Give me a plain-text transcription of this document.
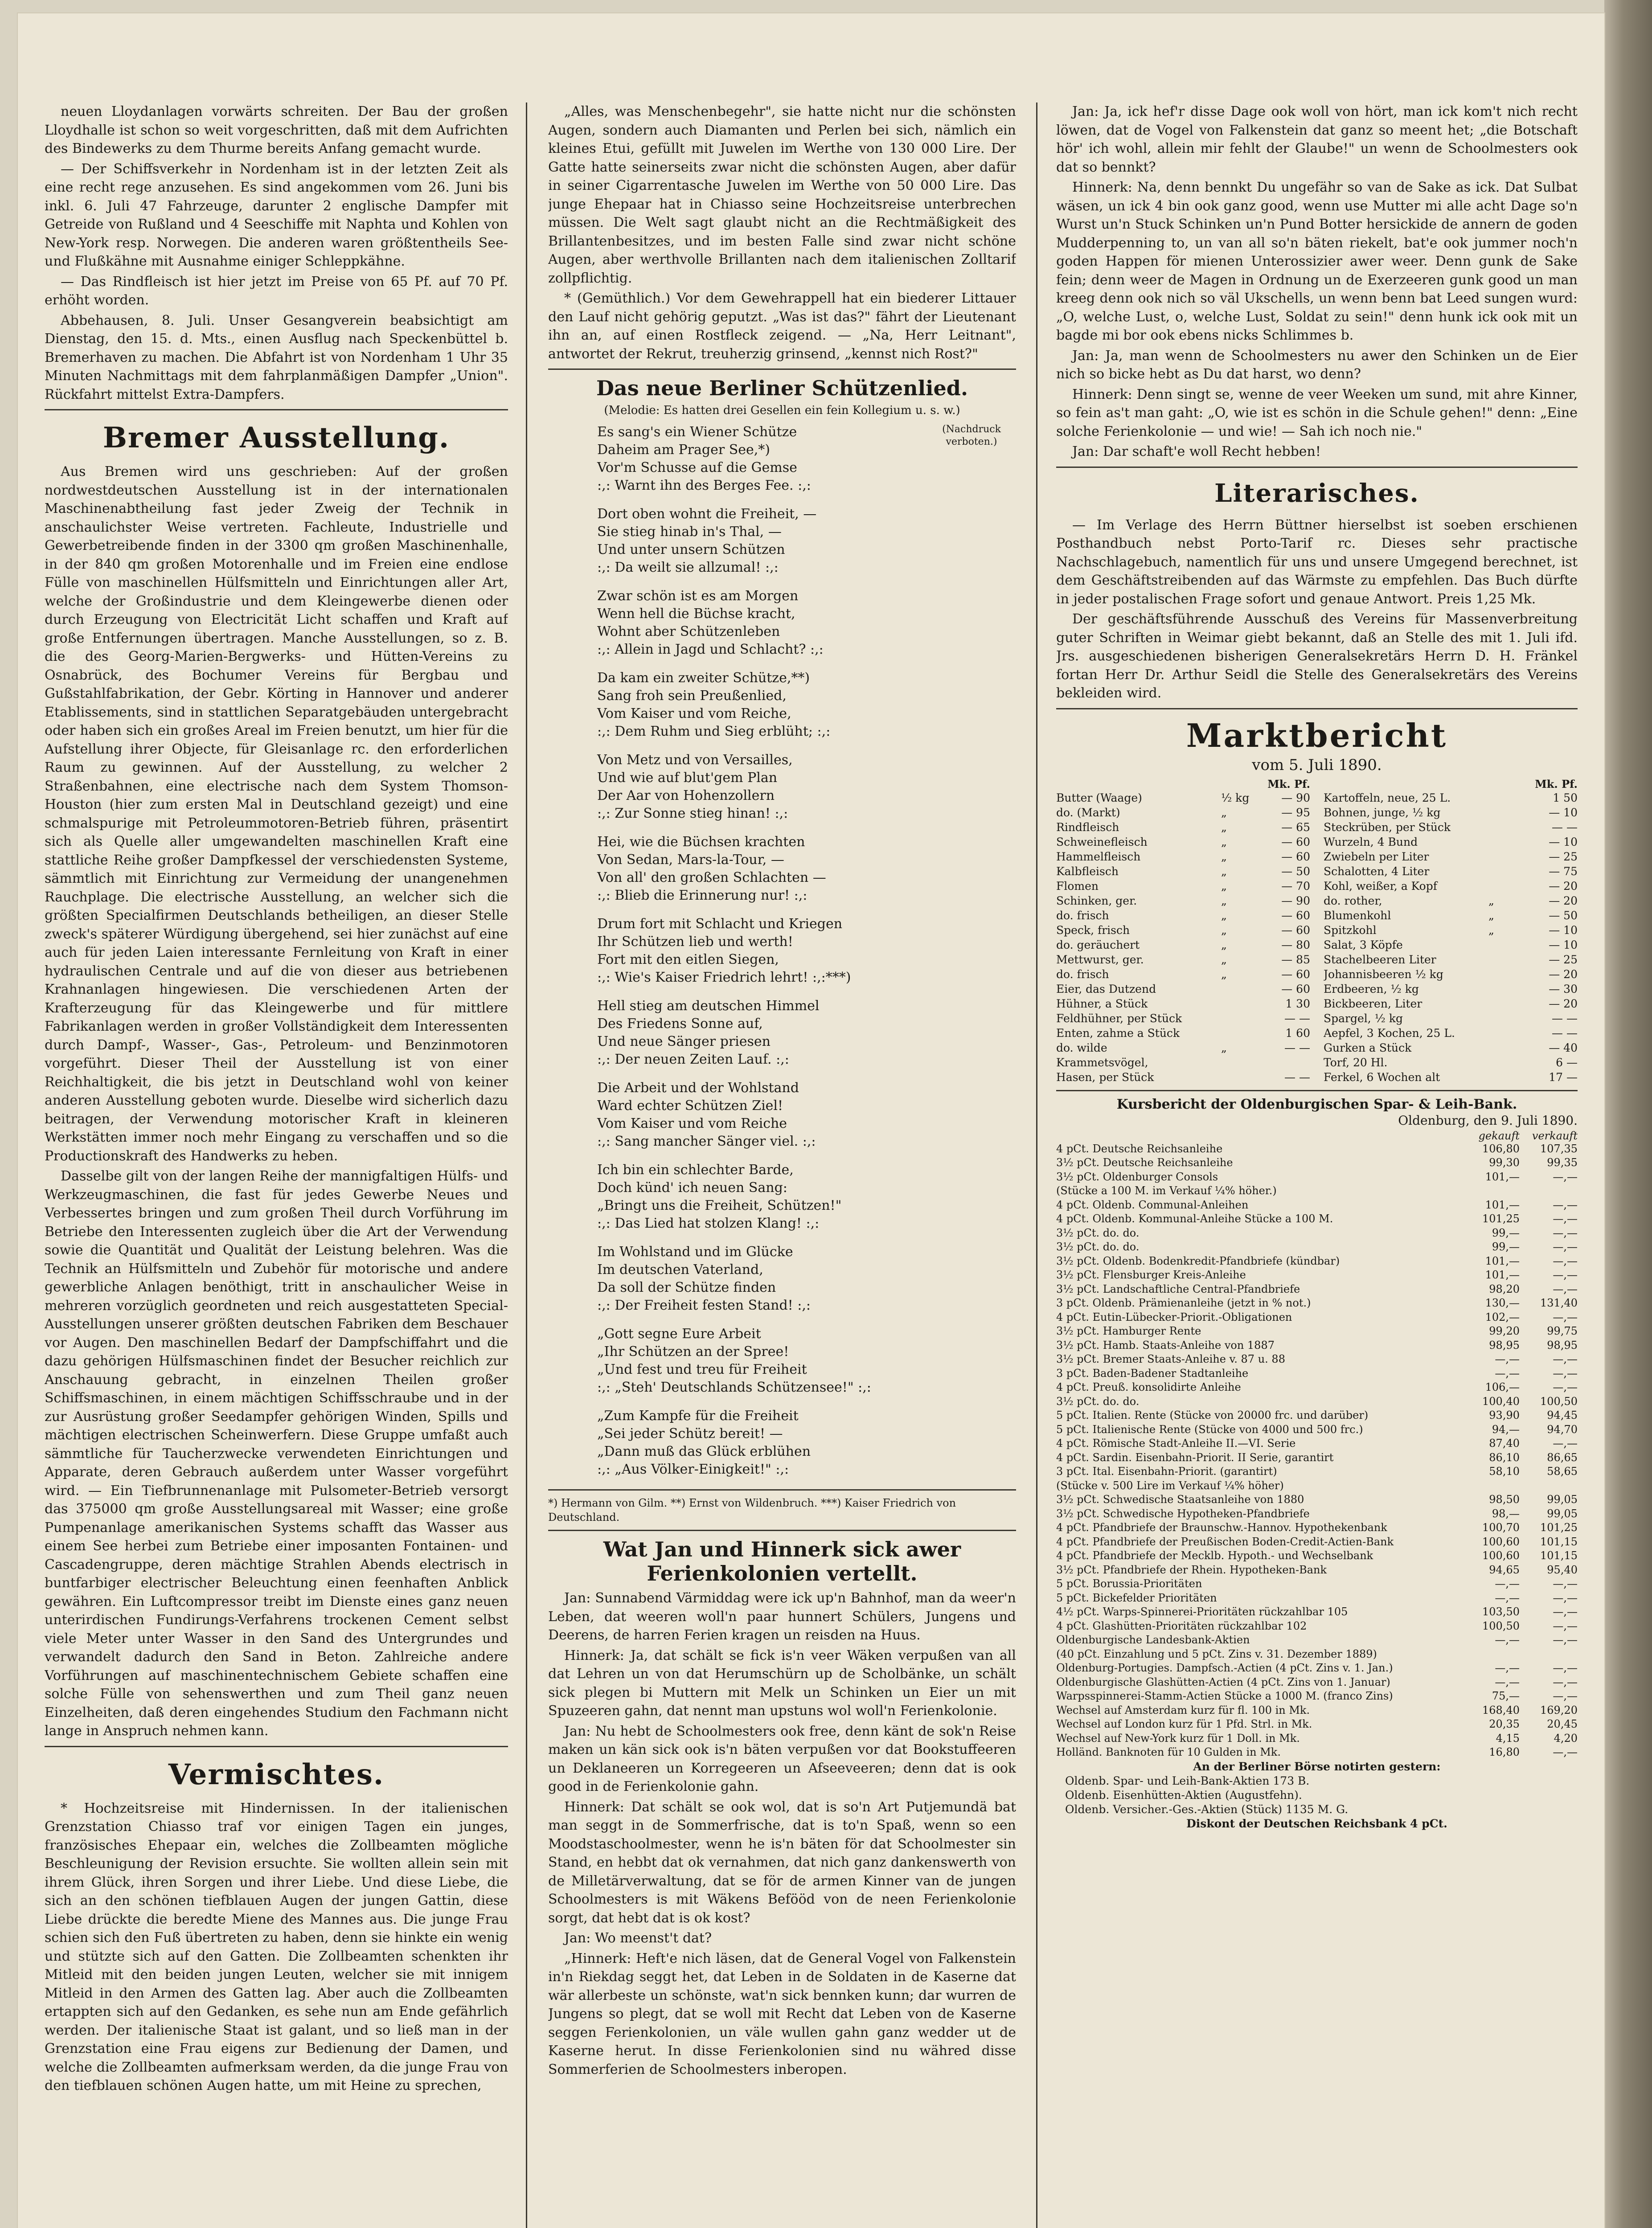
neuen Lloydanlagen vorwärts schreiten. Der Bau der großen Lloydhalle ist schon so weit vorgeschritten, daß mit dem Aufrichten des Bindewerks zu dem Thurme bereits Anfang gemacht wurde.

— Der Schiffsverkehr in Nordenham ist in der letzten Zeit als eine recht rege anzusehen. Es sind angekommen vom 26. Juni bis inkl. 6. Juli 47 Fahrzeuge, darunter 2 englische Dampfer mit Getreide von Rußland und 4 Seeschiffe mit Naphta und Kohlen von New-York resp. Norwegen. Die anderen waren größtentheils See- und Flußkähne mit Ausnahme einiger Schleppkähne.

— Das Rindfleisch ist hier jetzt im Preise von 65 Pf. auf 70 Pf. erhöht worden.

Abbehausen, 8. Juli. Unser Gesangverein beabsichtigt am Dienstag, den 15. d. Mts., einen Ausflug nach Speckenbüttel b. Bremerhaven zu machen. Die Abfahrt ist von Nordenham 1 Uhr 35 Minuten Nachmittags mit dem fahrplanmäßigen Dampfer „Union". Rückfahrt mittelst Extra-Dampfers.

Bremer Ausstellung.

Aus Bremen wird uns geschrieben: Auf der großen nordwestdeutschen Ausstellung ist in der internationalen Maschinenabtheilung fast jeder Zweig der Technik in anschaulichster Weise vertreten. Fachleute, Industrielle und Gewerbetreibende finden in der 3300 qm großen Maschinenhalle, in der 840 qm großen Motorenhalle und im Freien eine endlose Fülle von maschinellen Hülfsmitteln und Einrichtungen aller Art, welche der Großindustrie und dem Kleingewerbe dienen oder durch Erzeugung von Electricität Licht schaffen und Kraft auf große Entfernungen übertragen. Manche Ausstellungen, so z. B. die des Georg-Marien-Bergwerks- und Hütten-Vereins zu Osnabrück, des Bochumer Vereins für Bergbau und Gußstahlfabrikation, der Gebr. Körting in Hannover und anderer Etablissements, sind in stattlichen Separatgebäuden untergebracht oder haben sich ein großes Areal im Freien benutzt, um hier für die Aufstellung ihrer Objecte, für Gleisanlage rc. den erforderlichen Raum zu gewinnen. Auf der Ausstellung, zu welcher 2 Straßenbahnen, eine electrische nach dem System Thomson-Houston (hier zum ersten Mal in Deutschland gezeigt) und eine schmalspurige mit Petroleummotoren-Betrieb führen, präsentirt sich als Quelle aller umgewandelten maschinellen Kraft eine stattliche Reihe großer Dampfkessel der verschiedensten Systeme, sämmtlich mit Einrichtung zur Vermeidung der unangenehmen Rauchplage. Die electrische Ausstellung, an welcher sich die größten Specialfirmen Deutschlands betheiligen, an dieser Stelle zweck's späterer Würdigung übergehend, sei hier zunächst auf eine auch für jeden Laien interessante Fernleitung von Kraft in einer hydraulischen Centrale und auf die von dieser aus betriebenen Krahnanlagen hingewiesen. Die verschiedenen Arten der Krafterzeugung für das Kleingewerbe und für mittlere Fabrikanlagen werden in großer Vollständigkeit dem Interessenten durch Dampf-, Wasser-, Gas-, Petroleum- und Benzinmotoren vorgeführt. Dieser Theil der Ausstellung ist von einer Reichhaltigkeit, die bis jetzt in Deutschland wohl von keiner anderen Ausstellung geboten wurde. Dieselbe wird sicherlich dazu beitragen, der Verwendung motorischer Kraft in kleineren Werkstätten immer noch mehr Eingang zu verschaffen und so die Productionskraft des Handwerks zu heben.

Dasselbe gilt von der langen Reihe der mannigfaltigen Hülfs- und Werkzeugmaschinen, die fast für jedes Gewerbe Neues und Verbessertes bringen und zum großen Theil durch Vorführung im Betriebe den Interessenten zugleich über die Art der Verwendung sowie die Quantität und Qualität der Leistung belehren. Was die Technik an Hülfsmitteln und Zubehör für motorische und andere gewerbliche Anlagen benöthigt, tritt in anschaulicher Weise in mehreren vorzüglich geordneten und reich ausgestatteten Special-Ausstellungen unserer größten deutschen Fabriken dem Beschauer vor Augen. Den maschinellen Bedarf der Dampfschiffahrt und die dazu gehörigen Hülfsmaschinen findet der Besucher reichlich zur Anschauung gebracht, in einzelnen Theilen großer Schiffsmaschinen, in einem mächtigen Schiffsschraube und in der zur Ausrüstung großer Seedampfer gehörigen Winden, Spills und mächtigen electrischen Scheinwerfern. Diese Gruppe umfaßt auch sämmtliche für Taucherzwecke verwendeten Einrichtungen und Apparate, deren Gebrauch außerdem unter Wasser vorgeführt wird. — Ein Tiefbrunnenanlage mit Pulsometer-Betrieb versorgt das 375000 qm große Ausstellungsareal mit Wasser; eine große Pumpenanlage amerikanischen Systems schafft das Wasser aus einem See herbei zum Betriebe einer imposanten Fontainen- und Cascadengruppe, deren mächtige Strahlen Abends electrisch in buntfarbiger electrischer Beleuchtung einen feenhaften Anblick gewähren. Ein Luftcompressor treibt im Dienste eines ganz neuen unterirdischen Fundirungs-Verfahrens trockenen Cement selbst viele Meter unter Wasser in den Sand des Untergrundes und verwandelt dadurch den Sand in Beton. Zahlreiche andere Vorführungen auf maschinentechnischem Gebiete schaffen eine solche Fülle von sehenswerthen und zum Theil ganz neuen Einzelheiten, daß deren eingehendes Studium den Fachmann nicht lange in Anspruch nehmen kann.

Vermischtes.

* Hochzeitsreise mit Hindernissen. In der italienischen Grenzstation Chiasso traf vor einigen Tagen ein junges, französisches Ehepaar ein, welches die Zollbeamten mögliche Beschleunigung der Revision ersuchte. Sie wollten allein sein mit ihrem Glück, ihren Sorgen und ihrer Liebe. Und diese Liebe, die sich an den schönen tiefblauen Augen der jungen Gattin, diese Liebe drückte die beredte Miene des Mannes aus. Die junge Frau schien sich den Fuß übertreten zu haben, denn sie hinkte ein wenig und stützte sich auf den Gatten. Die Zollbeamten schenkten ihr Mitleid mit den beiden jungen Leuten, welcher sie mit innigem Mitleid in den Armen des Gatten lag. Aber auch die Zollbeamten ertappten sich auf den Gedanken, es sehe nun am Ende gefährlich werden. Der italienische Staat ist galant, und so ließ man in der Grenzstation eine Frau eigens zur Bedienung der Damen, und welche die Zollbeamten aufmerksam werden, da die junge Frau von den tiefblauen schönen Augen hatte, um mit Heine zu sprechen,

„Alles, was Menschenbegehr", sie hatte nicht nur die schönsten Augen, sondern auch Diamanten und Perlen bei sich, nämlich ein kleines Etui, gefüllt mit Juwelen im Werthe von 130 000 Lire. Der Gatte hatte seinerseits zwar nicht die schönsten Augen, aber dafür in seiner Cigarrentasche Juwelen im Werthe von 50 000 Lire. Das junge Ehepaar hat in Chiasso seine Hochzeitsreise unterbrechen müssen. Die Welt sagt glaubt nicht an die Rechtmäßigkeit des Brillantenbesitzes, und im besten Falle sind zwar nicht schöne Augen, aber werthvolle Brillanten nach dem italienischen Zolltarif zollpflichtig.

* (Gemüthlich.) Vor dem Gewehrappell hat ein biederer Littauer den Lauf nicht gehörig geputzt. „Was ist das?" fährt der Lieutenant ihn an, auf einen Rostfleck zeigend. — „Na, Herr Leitnant", antwortet der Rekrut, treuherzig grinsend, „kennst nich Rost?"

Das neue Berliner Schützenlied.
(Melodie: Es hatten drei Gesellen ein fein Kollegium u. s. w.)
(Nachdruck verboten.)
Es sang's ein Wiener Schütze
Daheim am Prager See,*)
Vor'm Schusse auf die Gemse
:,: Warnt ihn des Berges Fee. :,:
Dort oben wohnt die Freiheit, —
Sie stieg hinab in's Thal, —
Und unter unsern Schützen
:,: Da weilt sie allzumal! :,:
Zwar schön ist es am Morgen
Wenn hell die Büchse kracht,
Wohnt aber Schützenleben
:,: Allein in Jagd und Schlacht? :,:
Da kam ein zweiter Schütze,**)
Sang froh sein Preußenlied,
Vom Kaiser und vom Reiche,
:,: Dem Ruhm und Sieg erblüht; :,:
Von Metz und von Versailles,
Und wie auf blut'gem Plan
Der Aar von Hohenzollern
:,: Zur Sonne stieg hinan! :,:
Hei, wie die Büchsen krachten
Von Sedan, Mars-la-Tour, —
Von all' den großen Schlachten —
:,: Blieb die Erinnerung nur! :,:
Drum fort mit Schlacht und Kriegen
Ihr Schützen lieb und werth!
Fort mit den eitlen Siegen,
:,: Wie's Kaiser Friedrich lehrt! :,:***)
Hell stieg am deutschen Himmel
Des Friedens Sonne auf,
Und neue Sänger priesen
:,: Der neuen Zeiten Lauf. :,:
Die Arbeit und der Wohlstand
Ward echter Schützen Ziel!
Vom Kaiser und vom Reiche
:,: Sang mancher Sänger viel. :,:
Ich bin ein schlechter Barde,
Doch künd' ich neuen Sang:
„Bringt uns die Freiheit, Schützen!"
:,: Das Lied hat stolzen Klang! :,:
Im Wohlstand und im Glücke
Im deutschen Vaterland,
Da soll der Schütze finden
:,: Der Freiheit festen Stand! :,:
„Gott segne Eure Arbeit
„Ihr Schützen an der Spree!
„Und fest und treu für Freiheit
:,: „Steh' Deutschlands Schützensee!" :,:
„Zum Kampfe für die Freiheit
„Sei jeder Schütz bereit! —
„Dann muß das Glück erblühen
:,: „Aus Völker-Einigkeit!" :,:
*) Hermann von Gilm. **) Ernst von Wildenbruch. ***) Kaiser Friedrich von Deutschland.
Wat Jan und Hinnerk sick awer Ferienkolonien vertellt.

Jan: Sunnabend Värmiddag were ick up'n Bahnhof, man da weer'n Leben, dat weeren woll'n paar hunnert Schülers, Jungens und Deerens, de harren Ferien kragen un reisden na Huus.

Hinnerk: Ja, dat schält se fick is'n veer Wäken verpußen van all dat Lehren un von dat Herumschürn up de Scholbänke, un schält sick plegen bi Muttern mit Melk un Schinken un Eier un mit Spuzeeren gahn, dat nennt man upstuns wol woll'n Ferienkolonie.

Jan: Nu hebt de Schoolmesters ook free, denn känt de sok'n Reise maken un kän sick ook is'n bäten verpußen vor dat Bookstuffeeren un Deklaneeren un Korregeeren un Afseeveeren; denn dat is ook good in de Ferienkolonie gahn.

Hinnerk: Dat schält se ook wol, dat is so'n Art Putjemundä bat man seggt in de Sommerfrische, dat is to'n Spaß, wenn so een Moodstaschoolmester, wenn he is'n bäten för dat Schoolmester sin Stand, en hebbt dat ok vernahmen, dat nich ganz dankenswerth von de Milletärverwaltung, dat se för de armen Kinner van de jungen Schoolmesters is mit Wäkens Befööd von de neen Ferienkolonie sorgt, dat hebt dat is ok kost?

Jan: Wo meenst't dat?

„Hinnerk: Heft'e nich läsen, dat de General Vogel von Falkenstein in'n Riekdag seggt het, dat Leben in de Soldaten in de Kaserne dat wär allerbeste un schönste, wat'n sick bennken kunn; dar wurren de Jungens so plegt, dat se woll mit Recht dat Leben von de Kaserne seggen Ferienkolonien, un väle wullen gahn ganz wedder ut de Kaserne herut. In disse Ferienkolonien sind nu währed disse Sommerferien de Schoolmesters inberopen.

Jan: Ja, ick hef'r disse Dage ook woll von hört, man ick kom't nich recht löwen, dat de Vogel von Falkenstein dat ganz so meent het; „die Botschaft hör' ich wohl, allein mir fehlt der Glaube!" un wenn de Schoolmesters ook dat so bennkt?

Hinnerk: Na, denn bennkt Du ungefähr so van de Sake as ick. Dat Sulbat wäsen, un ick 4 bin ook ganz good, wenn use Mutter mi alle acht Dage so'n Wurst un'n Stuck Schinken un'n Pund Botter hersickide de annern de goden Mudderpenning to, un van all so'n bäten riekelt, bat'e ook jummer noch'n goden Happen för mienen Unterossizier awer weer. Denn gunk de Sake fein; denn weer de Magen in Ordnung un de Exerzeeren gunk good un man kreeg denn ook nich so väl Ukschells, un wenn benn bat Leed sungen wurd: „O, welche Lust, o, welche Lust, Soldat zu sein!" denn hunk ick ook mit un bagde mi bor ook ebens nicks Schlimmes b.

Jan: Ja, man wenn de Schoolmesters nu awer den Schinken un de Eier nich so bicke hebt as Du dat harst, wo denn?

Hinnerk: Denn singt se, wenne de veer Weeken um sund, mit ahre Kinner, so fein as't man gaht: „O, wie ist es schön in die Schule gehen!" denn: „Eine solche Ferienkolonie — und wie! — Sah ich noch nie."

Jan: Dar schaft'e woll Recht hebben!

Literarisches.

— Im Verlage des Herrn Büttner hierselbst ist soeben erschienen Posthandbuch nebst Porto-Tarif rc. Dieses sehr practische Nachschlagebuch, namentlich für uns und unsere Umgegend berechnet, ist dem Geschäftstreibenden auf das Wärmste zu empfehlen. Das Buch dürfte in jeder postalischen Frage sofort und genaue Antwort. Preis 1,25 Mk.

Der geschäftsführende Ausschuß des Vereins für Massenverbreitung guter Schriften in Weimar giebt bekannt, daß an Stelle des mit 1. Juli ifd. Jrs. ausgeschiedenen bisherigen Generalsekretärs Herrn D. H. Fränkel fortan Herr Dr. Arthur Seidl die Stelle des Generalsekretärs des Vereins bekleiden wird.

Marktbericht
vom 5. Juli 1890.
Mk. Pf.
Butter (Waage)	½ kg	— 90
do. (Markt)	„	— 95
Rindfleisch	„	— 65
Schweinefleisch	„	— 60
Hammelfleisch	„	— 60
Kalbfleisch	„	— 50
Flomen	„	— 70
Schinken, ger.	„	— 90
do. frisch	„	— 60
Speck, frisch	„	— 60
do. geräuchert	„	— 80
Mettwurst, ger.	„	— 85
do. frisch	„	— 60
Eier, das Dutzend	— 60
Hühner, a Stück	1 30
Feldhühner, per Stück	— —
Enten, zahme a Stück	1 60
do. wilde	„	— —
Krammetsvögel,
Hasen, per Stück	— —
Mk. Pf.
Kartoffeln, neue, 25 L.	1 50
Bohnen, junge, ½ kg	— 10
Steckrüben, per Stück	— —
Wurzeln, 4 Bund	— 10
Zwiebeln per Liter	— 25
Schalotten, 4 Liter	— 75
Kohl, weißer, a Kopf	— 20
do. rother,	„	— 20
Blumenkohl	„	— 50
Spitzkohl	„	— 10
Salat, 3 Köpfe	— 10
Stachelbeeren Liter	— 25
Johannisbeeren ½ kg	— 20
Erdbeeren, ½ kg	— 30
Bickbeeren, Liter	— 20
Spargel, ½ kg	— —
Aepfel, 3 Kochen, 25 L.	— —
Gurken a Stück	— 40
Torf, 20 Hl.	6 —
Ferkel, 6 Wochen alt	17 —
Kursbericht der Oldenburgischen Spar- & Leih-Bank.
Oldenburg, den 9. Juli 1890.
gekauft	verkauft
4 pCt. Deutsche Reichsanleihe	106,80	107,35
3½ pCt. Deutsche Reichsanleihe	99,30	99,35
3½ pCt. Oldenburger Consols	101,—	—,—
(Stücke a 100 M. im Verkauf ¼% höher.)
4 pCt. Oldenb. Communal-Anleihen	101,—	—,—
4 pCt. Oldenb. Kommunal-Anleihe Stücke a 100 M.	101,25	—,—
3½ pCt. do. do.	99,—	—,—
3½ pCt. do. do.	99,—	—,—
3½ pCt. Oldenb. Bodenkredit-Pfandbriefe (kündbar)	101,—	—,—
3½ pCt. Flensburger Kreis-Anleihe	101,—	—,—
3½ pCt. Landschaftliche Central-Pfandbriefe	98,20	—,—
3 pCt. Oldenb. Prämienanleihe (jetzt in % not.)	130,—	131,40
4 pCt. Eutin-Lübecker-Priorit.-Obligationen	102,—	—,—
3½ pCt. Hamburger Rente	99,20	99,75
3½ pCt. Hamb. Staats-Anleihe von 1887	98,95	98,95
3½ pCt. Bremer Staats-Anleihe v. 87 u. 88	—,—	—,—
3 pCt. Baden-Badener Stadtanleihe	—,—	—,—
4 pCt. Preuß. konsolidirte Anleihe	106,—	—,—
3½ pCt. do. do.	100,40	100,50
5 pCt. Italien. Rente (Stücke von 20000 frc. und darüber)	93,90	94,45
5 pCt. Italienische Rente (Stücke von 4000 und 500 frc.)	94,—	94,70
4 pCt. Römische Stadt-Anleihe II.—VI. Serie	87,40	—,—
4 pCt. Sardin. Eisenbahn-Priorit. II Serie, garantirt	86,10	86,65
3 pCt. Ital. Eisenbahn-Priorit. (garantirt)	58,10	58,65
(Stücke v. 500 Lire im Verkauf ¼% höher)
3½ pCt. Schwedische Staatsanleihe von 1880	98,50	99,05
3½ pCt. Schwedische Hypotheken-Pfandbriefe	98,—	99,05
4 pCt. Pfandbriefe der Braunschw.-Hannov. Hypothekenbank	100,70	101,25
4 pCt. Pfandbriefe der Preußischen Boden-Credit-Actien-Bank	100,60	101,15
4 pCt. Pfandbriefe der Mecklb. Hypoth.- und Wechselbank	100,60	101,15
3½ pCt. Pfandbriefe der Rhein. Hypotheken-Bank	94,65	95,40
5 pCt. Borussia-Prioritäten	—,—	—,—
5 pCt. Bickefelder Prioritäten	—,—	—,—
4½ pCt. Warps-Spinnerei-Prioritäten rückzahlbar 105	103,50	—,—
4 pCt. Glashütten-Prioritäten rückzahlbar 102	100,50	—,—
Oldenburgische Landesbank-Aktien	—,—	—,—
(40 pCt. Einzahlung und 5 pCt. Zins v. 31. Dezember 1889)
Oldenburg-Portugies. Dampfsch.-Actien (4 pCt. Zins v. 1. Jan.)	—,—	—,—
Oldenburgische Glashütten-Actien (4 pCt. Zins von 1. Januar)	—,—	—,—
Warpsspinnerei-Stamm-Actien Stücke a 1000 M. (franco Zins)	75,—	—,—
Wechsel auf Amsterdam kurz für fl. 100 in Mk.	168,40	169,20
Wechsel auf London kurz für 1 Pfd. Strl. in Mk.	20,35	20,45
Wechsel auf New-York kurz für 1 Doll. in Mk.	4,15	4,20
Holländ. Banknoten für 10 Gulden in Mk.	16,80	—,—
An der Berliner Börse notirten gestern:
Oldenb. Spar- und Leih-Bank-Aktien 173 B.
Oldenb. Eisenhütten-Aktien (Augustfehn).
Oldenb. Versicher.-Ges.-Aktien (Stück) 1135 M. G.
Diskont der Deutschen Reichsbank 4 pCt.
